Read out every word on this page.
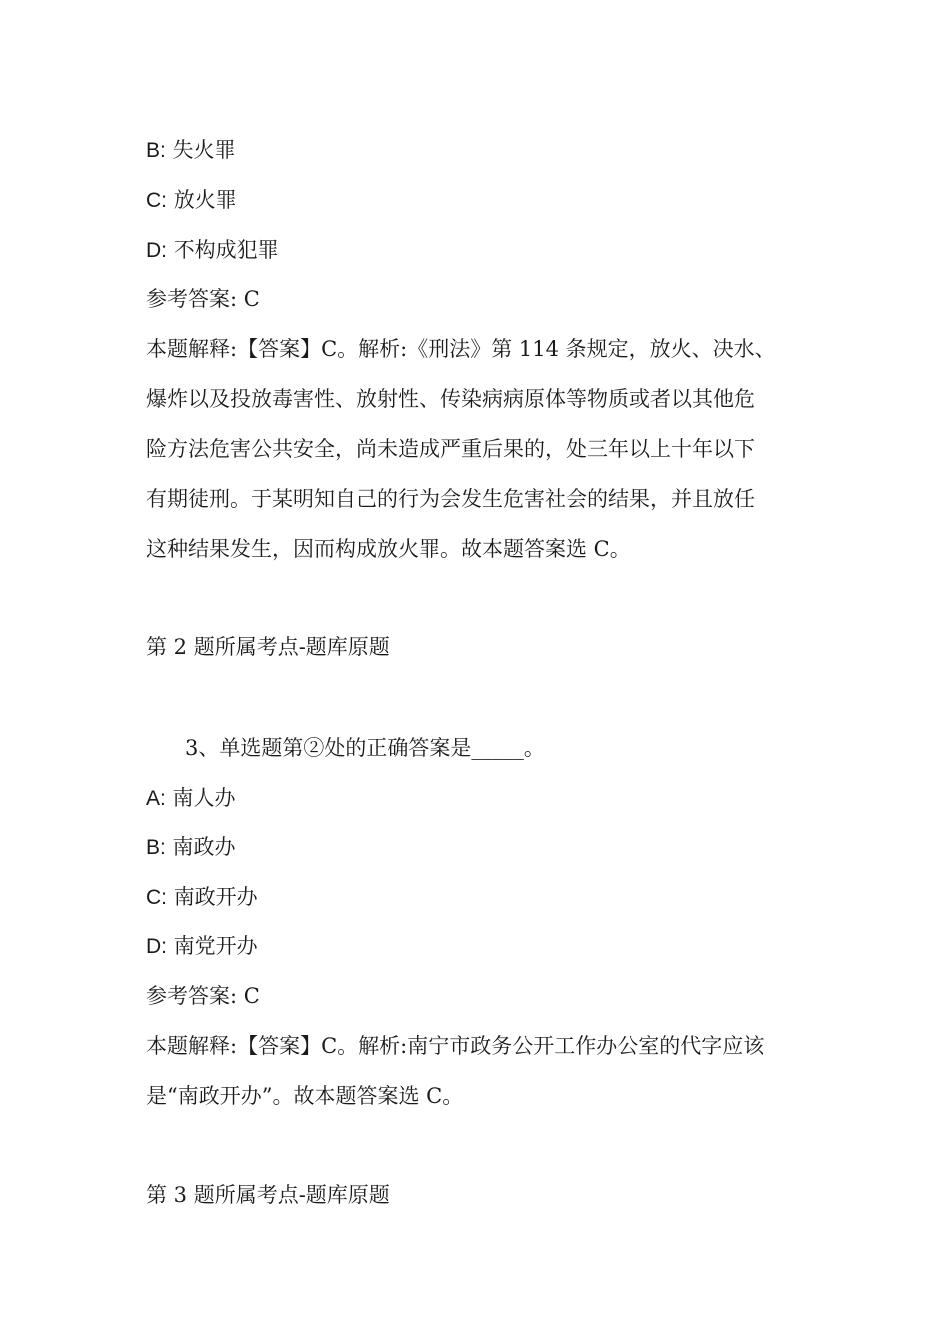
B: 失火罪
C: 放火罪
D: 不构成犯罪
参考答案: C
本题解释:【答案】C。解析:《刑法》第 114 条规定，放火、决水、
爆炸以及投放毒害性、放射性、传染病病原体等物质或者以其他危
险方法危害公共安全，尚未造成严重后果的，处三年以上十年以下
有期徒刑。于某明知自己的行为会发生危害社会的结果，并且放任
这种结果发生，因而构成放火罪。故本题答案选 C。
第 2 题所属考点-题库原题
3、单选题第②处的正确答案是_____。
A: 南人办
B: 南政办
C: 南政开办
D: 南党开办
参考答案: C
本题解释:【答案】C。解析:南宁市政务公开工作办公室的代字应该
是“南政开办”。故本题答案选 C。
第 3 题所属考点-题库原题
